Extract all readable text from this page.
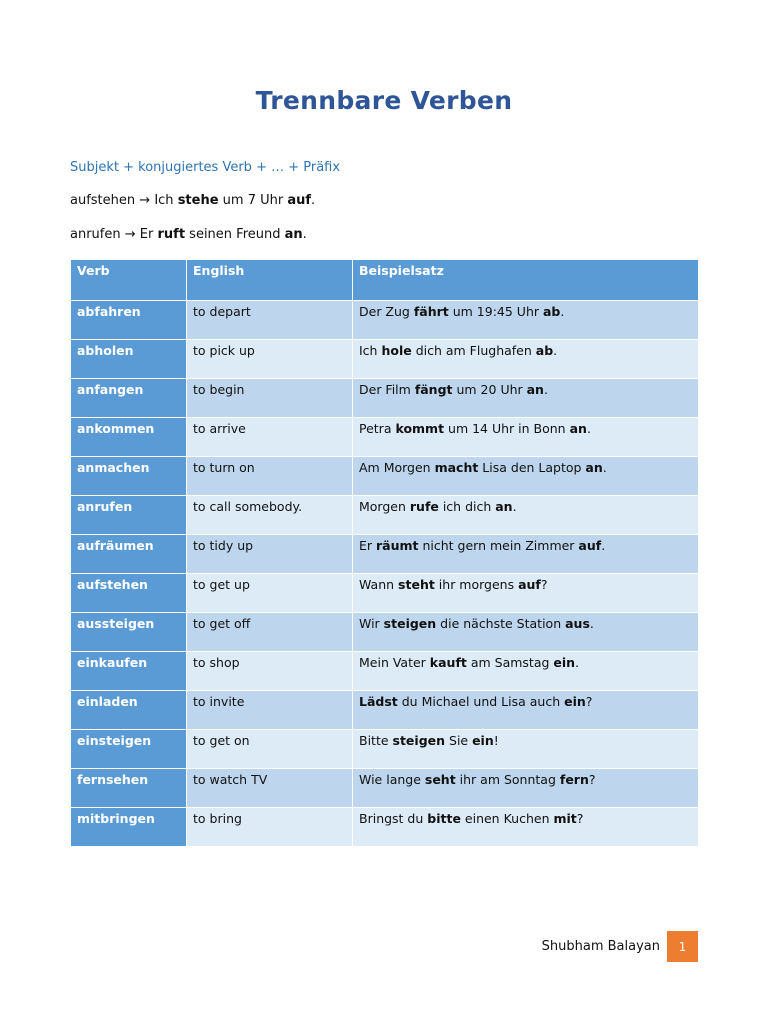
Trennbare Verben
Subjekt + konjugiertes Verb + … + Präfix
aufstehen → Ich stehe um 7 Uhr auf.
anrufen → Er ruft seinen Freund an.
Verb	English	Beispielsatz
abfahren	to depart	Der Zug fährt um 19:45 Uhr ab.
abholen	to pick up	Ich hole dich am Flughafen ab.
anfangen	to begin	Der Film fängt um 20 Uhr an.
ankommen	to arrive	Petra kommt um 14 Uhr in Bonn an.
anmachen	to turn on	Am Morgen macht Lisa den Laptop an.
anrufen	to call somebody.	Morgen rufe ich dich an.
aufräumen	to tidy up	Er räumt nicht gern mein Zimmer auf.
aufstehen	to get up	Wann steht ihr morgens auf?
aussteigen	to get off	Wir steigen die nächste Station aus.
einkaufen	to shop	Mein Vater kauft am Samstag ein.
einladen	to invite	Lädst du Michael und Lisa auch ein?
einsteigen	to get on	Bitte steigen Sie ein!
fernsehen	to watch TV	Wie lange seht ihr am Sonntag fern?
mitbringen	to bring	Bringst du bitte einen Kuchen mit?
Shubham Balayan	1
